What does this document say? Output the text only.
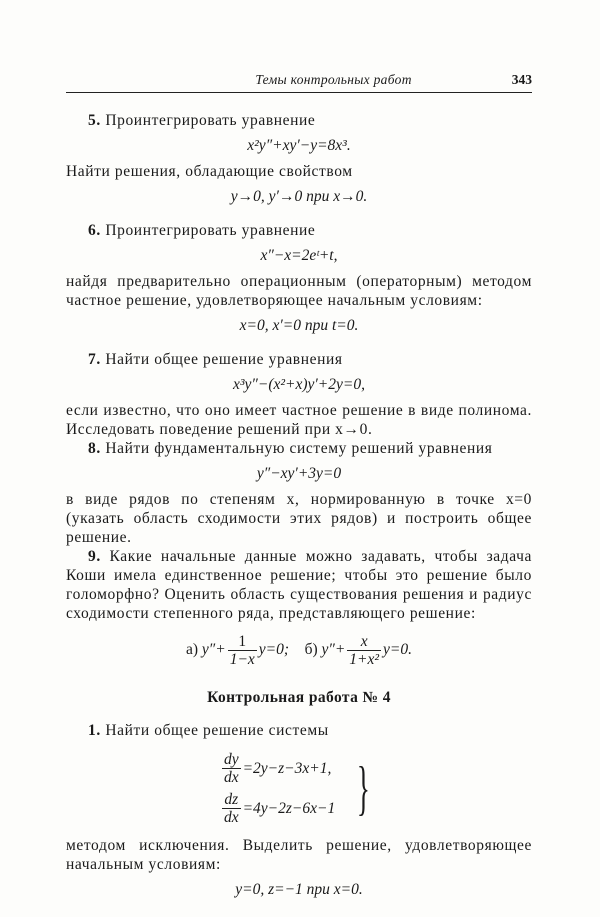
Темы контрольных работ	343

5. Проинтегрировать уравнение

x²y″+xy′−y=8x³.

Найти решения, обладающие свойством

y→0, y′→0 при x→0.

6. Проинтегрировать уравнение

x″−x=2eᵗ+t,

найдя предварительно операционным (операторным) методом частное решение, удовлетворяющее начальным условиям:

x=0, x′=0 при t=0.

7. Найти общее решение уравнения

x³y″−(x²+x)y′+2y=0,

если известно, что оно имеет частное решение в виде полинома. Исследовать поведение решений при x→0.

8. Найти фундаментальную систему решений уравнения

y″−xy′+3y=0

в виде рядов по степеням x, нормированную в точке x=0 (указать область сходимости этих рядов) и построить общее решение.

9. Какие начальные данные можно задавать, чтобы задача Коши имела единственное решение; чтобы это решение было голоморфно? Оценить область существования решения и радиус сходимости степенного ряда, представляющего решение:

а) $y''+ \frac{1}{1-x} y=0$; б) $y''+ \frac{x}{\text{1+x²}} y=0$.
Контрольная работа № 4

1. Найти общее решение системы

$\frac{dy}{dx} =2y-z-3x+1$,
$\frac{dz}{dx} =4y-2z-6x-1$ }

методом исключения. Выделить решение, удовлетворяющее начальным условиям:

y=0, z=−1 при x=0.
